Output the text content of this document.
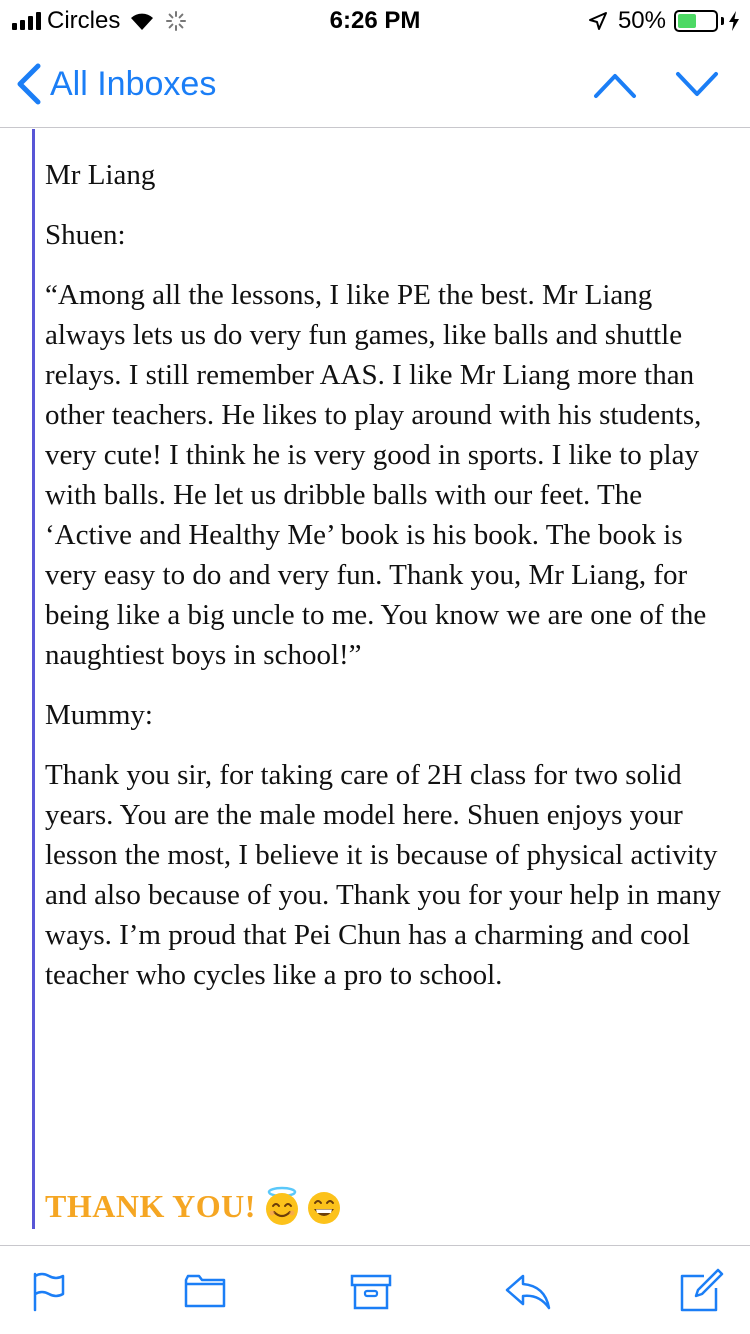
Circles	6:26 PM	50%
All Inboxes

Mr Liang

Shuen:

“Among all the lessons, I like PE the best. Mr Liang always lets us do very fun games, like balls and shuttle relays. I still remember AAS. I like Mr Liang more than other teachers. He likes to play around with his students, very cute! I think he is very good in sports. I like to play with balls. He let us dribble balls with our feet. The ‘Active and Healthy Me’ book is his book. The book is very easy to do and very fun. Thank you, Mr Liang, for being like a big uncle to me. You know we are one of the naughtiest boys in school!”

Mummy:

Thank you sir, for taking care of 2H class for two solid years. You are the male model here. Shuen enjoys your lesson the most, I believe it is because of physical activity and also because of you. Thank you for your help in many ways. I’m proud that Pei Chun has a charming and cool teacher who cycles like a pro to school.

THANK YOU!
